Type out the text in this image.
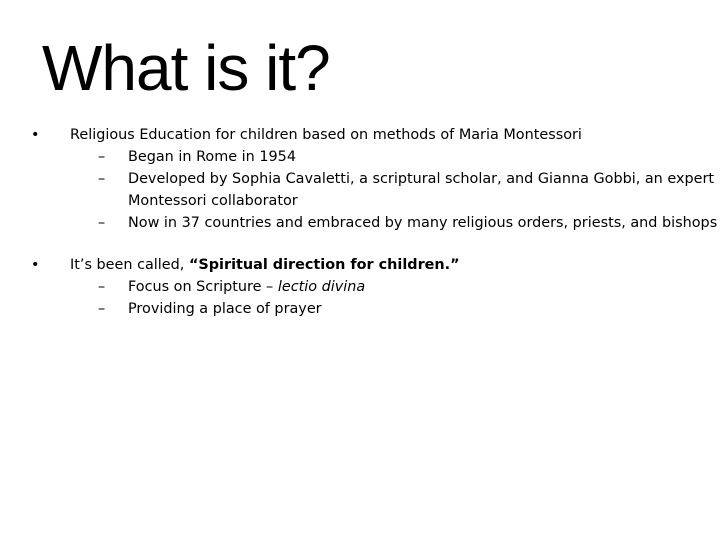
What is it?
• Religious Education for children based on methods of Maria Montessori
– Began in Rome in 1954
– Developed by Sophia Cavaletti, a scriptural scholar, and Gianna Gobbi, an expert Montessori collaborator
– Now in 37 countries and embraced by many religious orders, priests, and bishops
• It’s been called, “Spiritual direction for children.”
– Focus on Scripture – lectio divina
– Providing a place of prayer
